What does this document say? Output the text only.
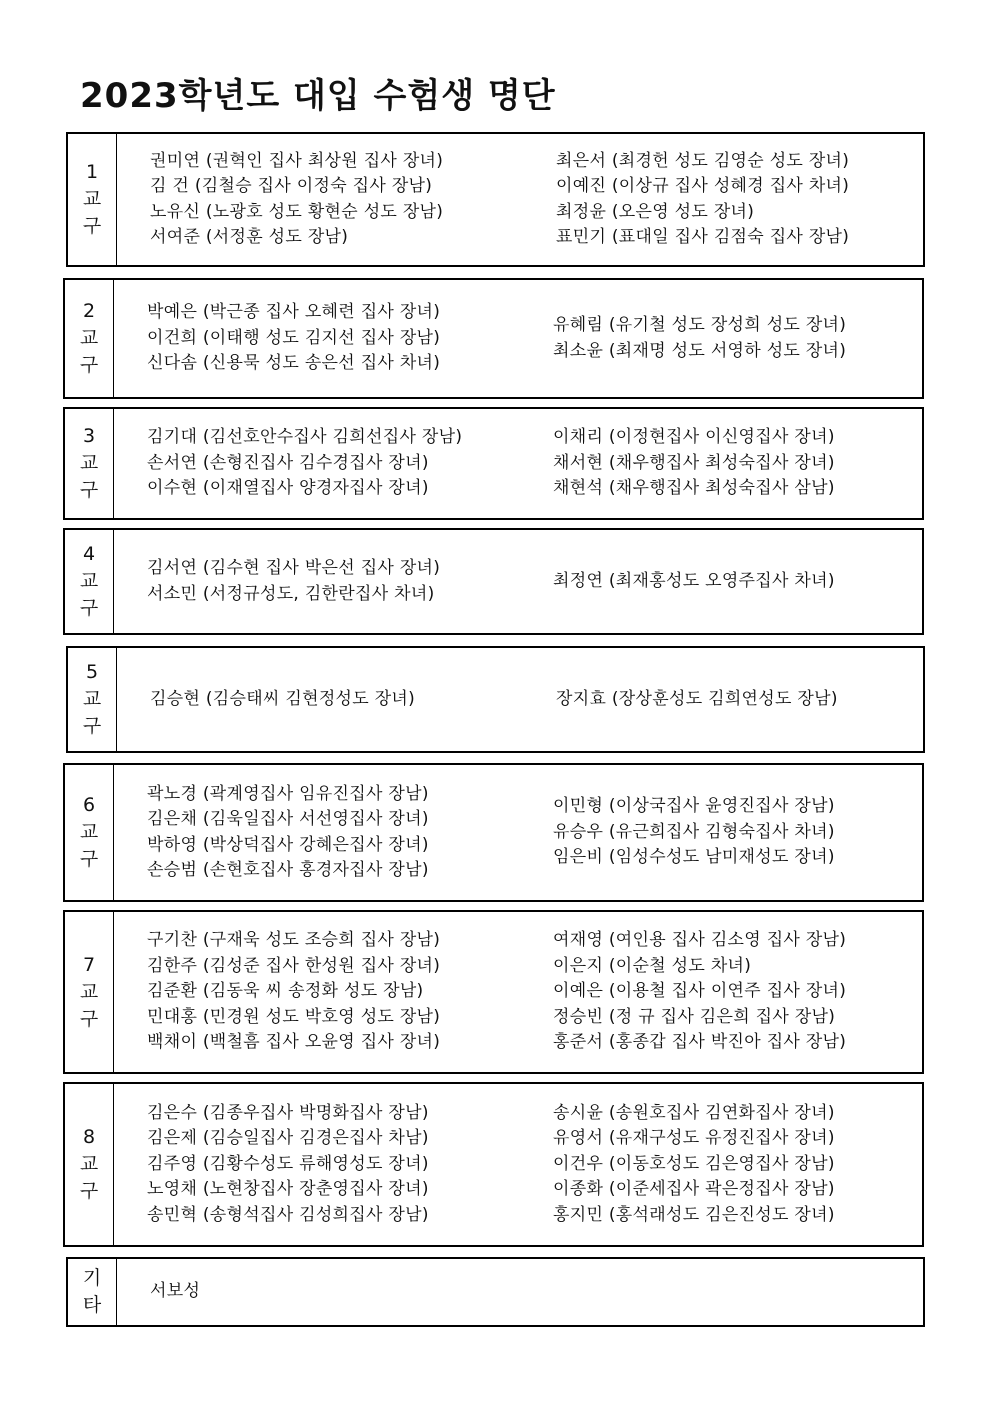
2023학년도 대입 수험생 명단
1
교
구
권미연 (권혁인 집사 최상원 집사 장녀)
김 건 (김철승 집사 이정숙 집사 장남)
노유신 (노광호 성도 황현순 성도 장남)
서여준 (서정훈 성도 장남)
최은서 (최경헌 성도 김영순 성도 장녀)
이예진 (이상규 집사 성혜경 집사 차녀)
최정윤 (오은영 성도 장녀)
표민기 (표대일 집사 김점숙 집사 장남)
2
교
구
박예은 (박근종 집사 오혜련 집사 장녀)
이건희 (이태행 성도 김지선 집사 장남)
신다솜 (신용묵 성도 송은선 집사 차녀)
유혜림 (유기철 성도 장성희 성도 장녀)
최소윤 (최재명 성도 서영하 성도 장녀)
3
교
구
김기대 (김선호안수집사 김희선집사 장남)
손서연 (손형진집사 김수경집사 장녀)
이수현 (이재열집사 양경자집사 장녀)
이채리 (이정현집사 이신영집사 장녀)
채서현 (채우행집사 최성숙집사 장녀)
채현석 (채우행집사 최성숙집사 삼남)
4
교
구
김서연 (김수현 집사 박은선 집사 장녀)
서소민 (서정규성도, 김한란집사 차녀)
최정연 (최재홍성도 오영주집사 차녀)
5
교
구
김승현 (김승태씨 김현정성도 장녀)	장지효 (장상훈성도 김희연성도 장남)
6
교
구
곽노경 (곽계영집사 임유진집사 장남)
김은채 (김욱일집사 서선영집사 장녀)
박하영 (박상덕집사 강혜은집사 장녀)
손승범 (손현호집사 홍경자집사 장남)
이민형 (이상국집사 윤영진집사 장남)
유승우 (유근희집사 김형숙집사 차녀)
임은비 (임성수성도 남미재성도 장녀)
7
교
구
구기찬 (구재욱 성도 조승희 집사 장남)
김한주 (김성준 집사 한성원 집사 장녀)
김준환 (김동욱 씨 송정화 성도 장남)
민대홍 (민경원 성도 박호영 성도 장남)
백채이 (백철흠 집사 오윤영 집사 장녀)
여재영 (여인용 집사 김소영 집사 장남)
이은지 (이순철 성도 차녀)
이예은 (이용철 집사 이연주 집사 장녀)
정승빈 (정 규 집사 김은희 집사 장남)
홍준서 (홍종갑 집사 박진아 집사 장남)
8
교
구
김은수 (김종우집사 박명화집사 장남)
김은제 (김승일집사 김경은집사 차남)
김주영 (김황수성도 류해영성도 장녀)
노영채 (노현창집사 장춘영집사 장녀)
송민혁 (송형석집사 김성희집사 장남)
송시윤 (송원호집사 김연화집사 장녀)
유영서 (유재구성도 유정진집사 장녀)
이건우 (이동호성도 김은영집사 장남)
이종화 (이준세집사 곽은정집사 장남)
홍지민 (홍석래성도 김은진성도 장녀)
기
타
서보성
